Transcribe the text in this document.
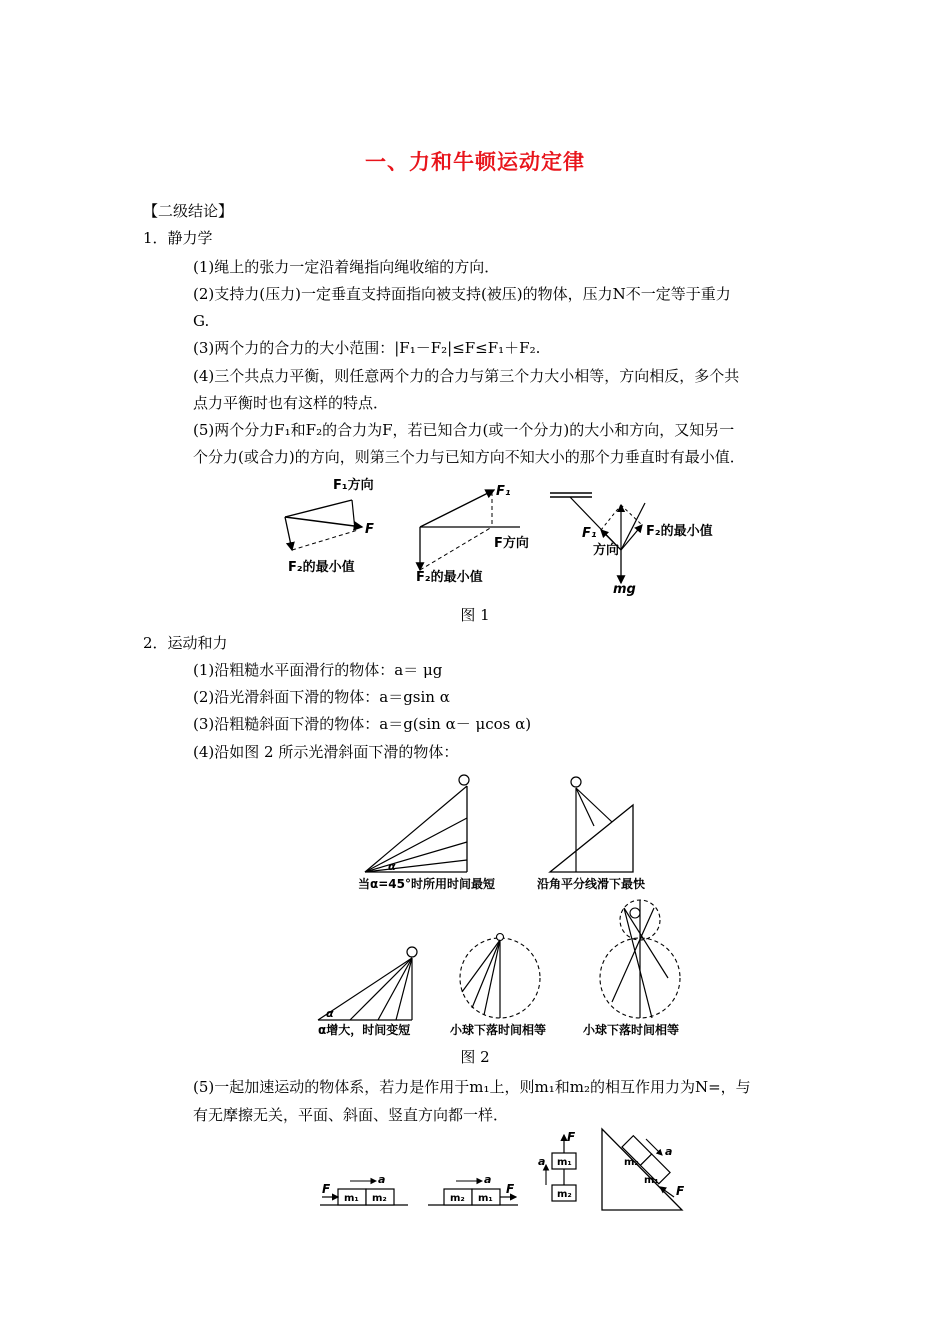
一、力和牛顿运动定律
【二级结论】
1．静力学
(1)绳上的张力一定沿着绳指向绳收缩的方向．
(2)支持力(压力)一定垂直支持面指向被支持(被压)的物体，压力N不一定等于重力
G.
(3)两个力的合力的大小范围：|F₁－F₂|≤F≤F₁＋F₂.
(4)三个共点力平衡，则任意两个力的合力与第三个力大小相等，方向相反，多个共
点力平衡时也有这样的特点．
(5)两个分力F₁和F₂的合力为F，若已知合力(或一个分力)的大小和方向，又知另一
个分力(或合力)的方向，则第三个力与已知方向不知大小的那个力垂直时有最小值．
F₁方向
F
F₂的最小值
F₁
F方向
F₂的最小值
F₁
方向
F₂的最小值
mg
图 1
2．运动和力
(1)沿粗糙水平面滑行的物体：a＝ μg
(2)沿光滑斜面下滑的物体：a＝gsin α
(3)沿粗糙斜面下滑的物体：a＝g(sin α－ μcos α)
(4)沿如图 2 所示光滑斜面下滑的物体：
α
当α=45°时所用时间最短	沿角平分线滑下最快
α
α增大，时间变短	小球下落时间相等	小球下落时间相等
图 2
(5)一起加速运动的物体系，若力是作用于m₁上，则m₁和m₂的相互作用力为N=，与
有无摩擦无关，平面、斜面、竖直方向都一样．
F
a
m₁ m₂
F
a
m₂ m₁
F
a m₁
m₂
m₂
m₁
F
a
